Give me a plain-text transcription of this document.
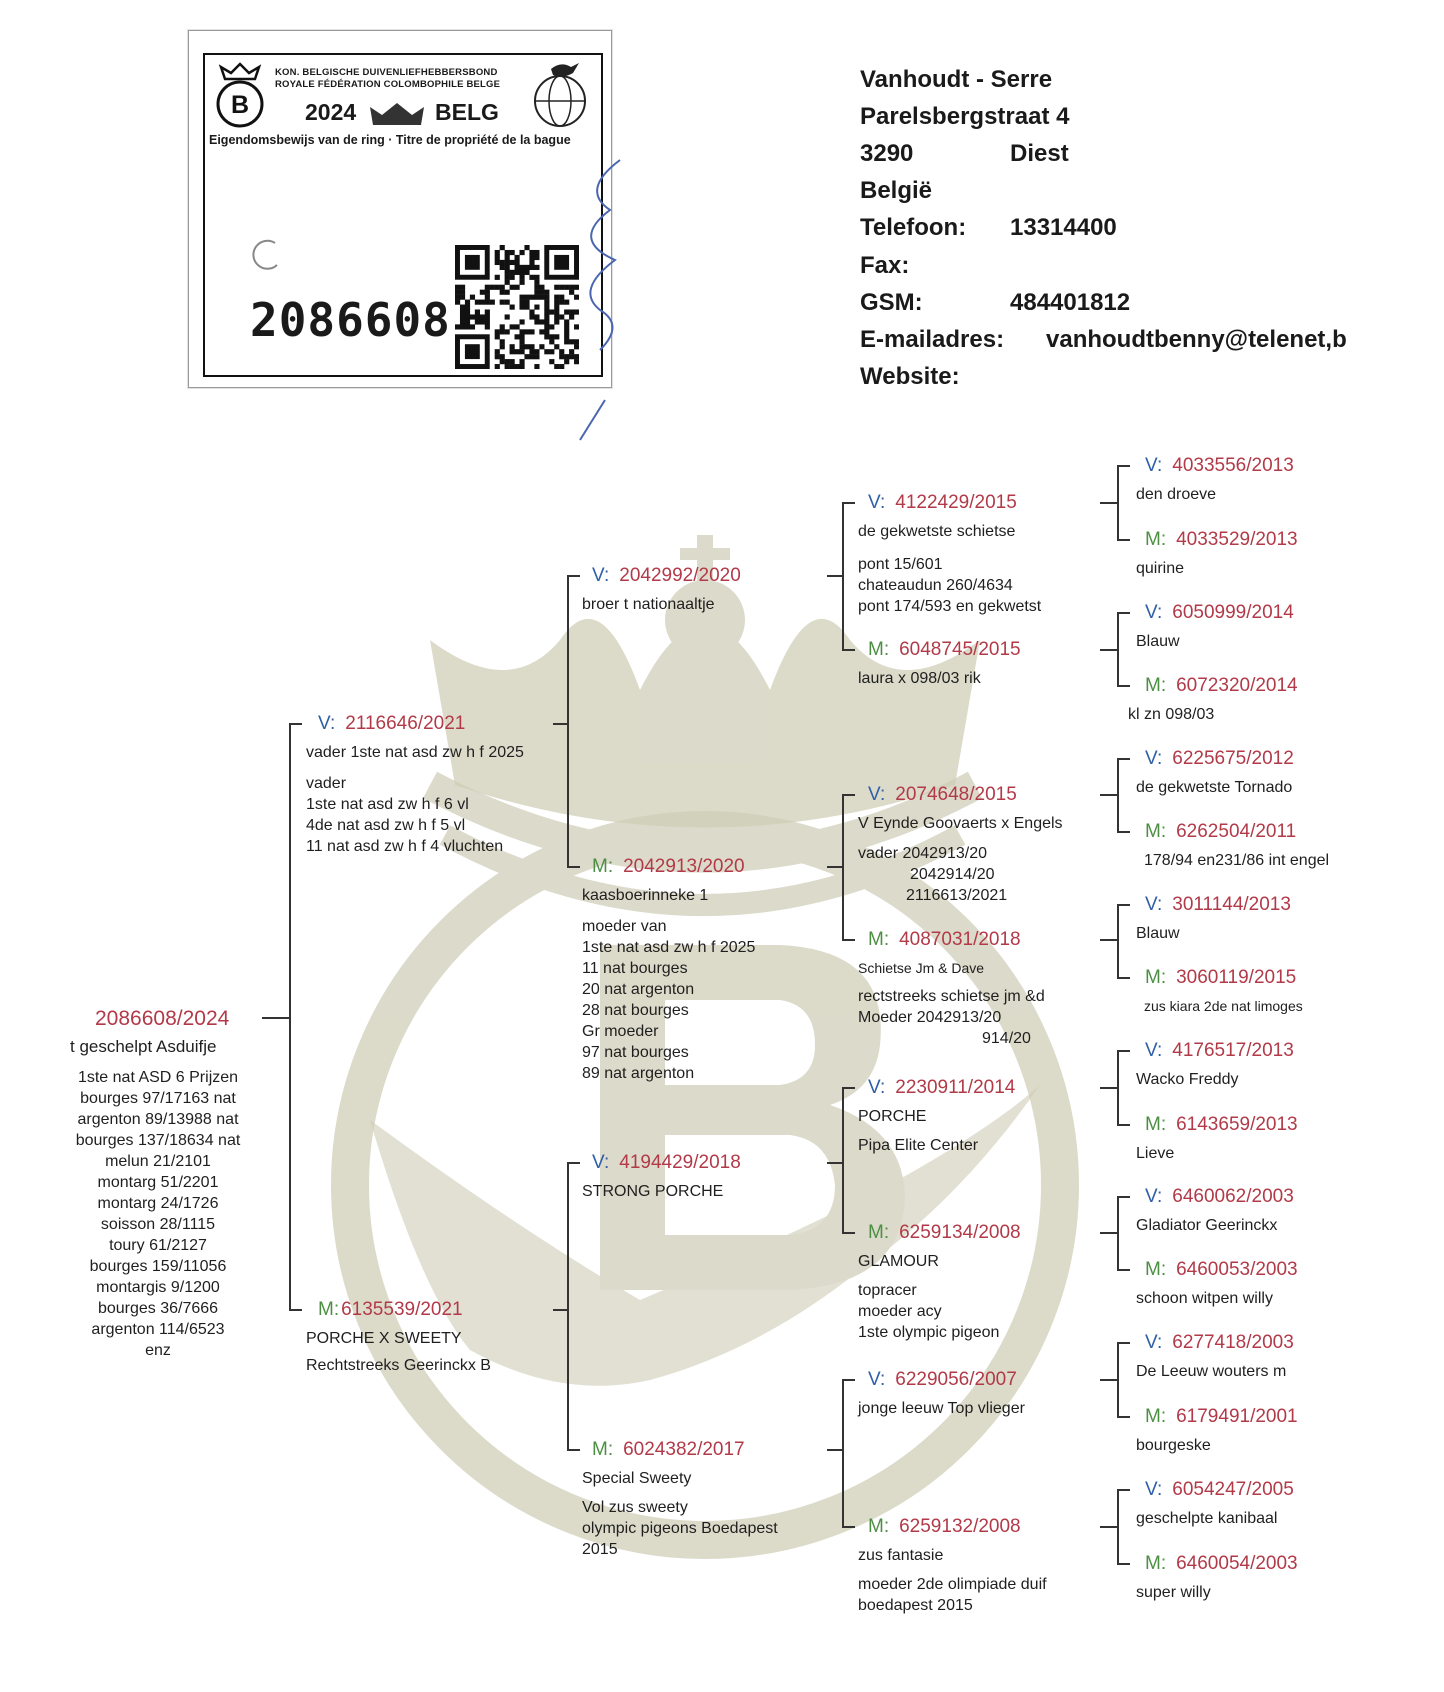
B
KON. BELGISCHE DUIVENLIEFHEBBERSBOND
ROYALE FÉDÉRATION COLOMBOPHILE BELGE
2024	BELG
Eigendomsbewijs van de ring · Titre de propriété de la bague
2086608
Vanhoudt - Serre
Parelsbergstraat 4
3290	Diest
België
Telefoon: 13314400
Fax:
GSM:	484401812
E-mailadres: vanhoudtbenny@telenet,b
Website:
2086608/2024
t geschelpt Asduifje
1ste nat ASD 6 Prijzen
bourges 97/17163 nat
argenton 89/13988 nat
bourges 137/18634 nat
melun 21/2101
montarg 51/2201
montarg 24/1726
soisson 28/1115
toury 61/2127
bourges 159/11056
montargis 9/1200
bourges 36/7666
argenton 114/6523
enz
V: 2116646/2021
vader 1ste nat asd zw h f 2025
vader
1ste nat asd zw h f 6 vl
4de nat asd zw h f 5 vl
11 nat asd zw h f 4 vluchten
M: 6135539/2021
PORCHE X SWEETY
Rechtstreeks Geerinckx B
V: 2042992/2020
broer t nationaaltje
M: 2042913/2020
kaasboerinneke 1
moeder van
1ste nat asd zw h f 2025
11 nat bourges
20 nat argenton
28 nat bourges
Gr moeder
97 nat bourges
89 nat argenton
V: 4194429/2018
STRONG PORCHE
M: 6024382/2017
Special Sweety
Vol zus sweety
olympic pigeons Boedapest
2015
V: 4122429/2015
de gekwetste schietse
pont 15/601
chateaudun 260/4634
pont 174/593 en gekwetst
M: 6048745/2015
laura x 098/03 rik
V: 2074648/2015
V Eynde Goovaerts x Engels
vader 2042913/20
2042914/20
2116613/2021
M: 4087031/2018
Schietse Jm & Dave
rectstreeks schietse jm &d
Moeder 2042913/20
914/20
V: 2230911/2014
PORCHE
Pipa Elite Center
M: 6259134/2008
GLAMOUR
topracer
moeder acy
1ste olympic pigeon
V: 6229056/2007
jonge leeuw Top vlieger
M: 6259132/2008
zus fantasie
moeder 2de olimpiade duif
boedapest 2015
V: 4033556/2013
den droeve
M: 4033529/2013
quirine
V: 6050999/2014
Blauw
M: 6072320/2014
kl zn 098/03
V: 6225675/2012
de gekwetste Tornado
M: 6262504/2011
178/94 en231/86 int engel
V: 3011144/2013
Blauw
M: 3060119/2015
zus kiara 2de nat limoges
V: 4176517/2013
Wacko Freddy
M: 6143659/2013
Lieve
V: 6460062/2003
Gladiator Geerinckx
M: 6460053/2003
schoon witpen willy
V: 6277418/2003
De Leeuw wouters m
M: 6179491/2001
bourgeske
V: 6054247/2005
geschelpte kanibaal
M: 6460054/2003
super willy
